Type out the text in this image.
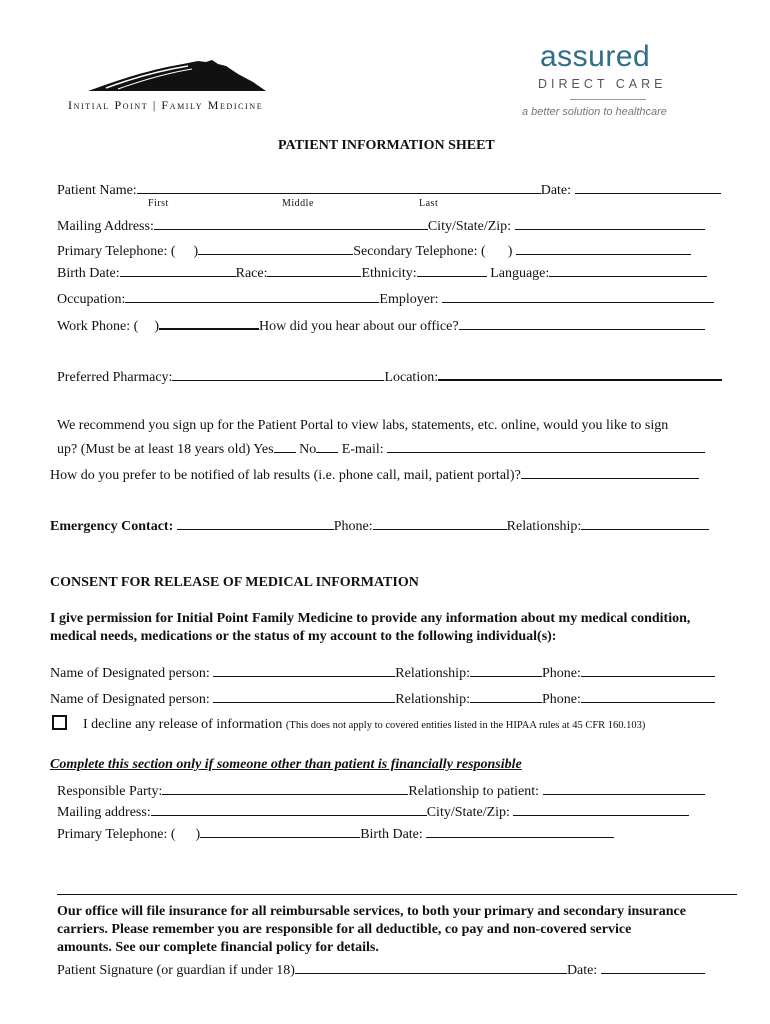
Initial Point | Family Medicine
assured
DIRECT CARE
a better solution to healthcare
PATIENT INFORMATION SHEET
Patient Name:	Date:
First	Middle	Last
Mailing Address:	City/State/Zip:
Primary Telephone: ( )	Secondary Telephone: ( )
Birth Date:	Race:	Ethnicity:	Language:
Occupation:	Employer:
Work Phone: ( )	How did you hear about our office?
Preferred Pharmacy:	Location:
We recommend you sign up for the Patient Portal to view labs, statements, etc. online, would you like to sign
up? (Must be at least 18 years old) Yes No E-mail:
How do you prefer to be notified of lab results (i.e. phone call, mail, patient portal)?
Emergency Contact:	Phone:	Relationship:
CONSENT FOR RELEASE OF MEDICAL INFORMATION
I give permission for Initial Point Family Medicine to provide any information about my medical condition,
medical needs, medications or the status of my account to the following individual(s):
Name of Designated person:	Relationship:	Phone:
Name of Designated person:	Relationship:	Phone:
I decline any release of information (This does not apply to covered entities listed in the HIPAA rules at 45 CFR 160.103)
Complete this section only if someone other than patient is financially responsible
Responsible Party:	Relationship to patient:
Mailing address:	City/State/Zip:
Primary Telephone: ( )	Birth Date:
Our office will file insurance for all reimbursable services, to both your primary and secondary insurance
carriers. Please remember you are responsible for all deductible, co pay and non-covered service
amounts. See our complete financial policy for details.
Patient Signature (or guardian if under 18)	Date:
